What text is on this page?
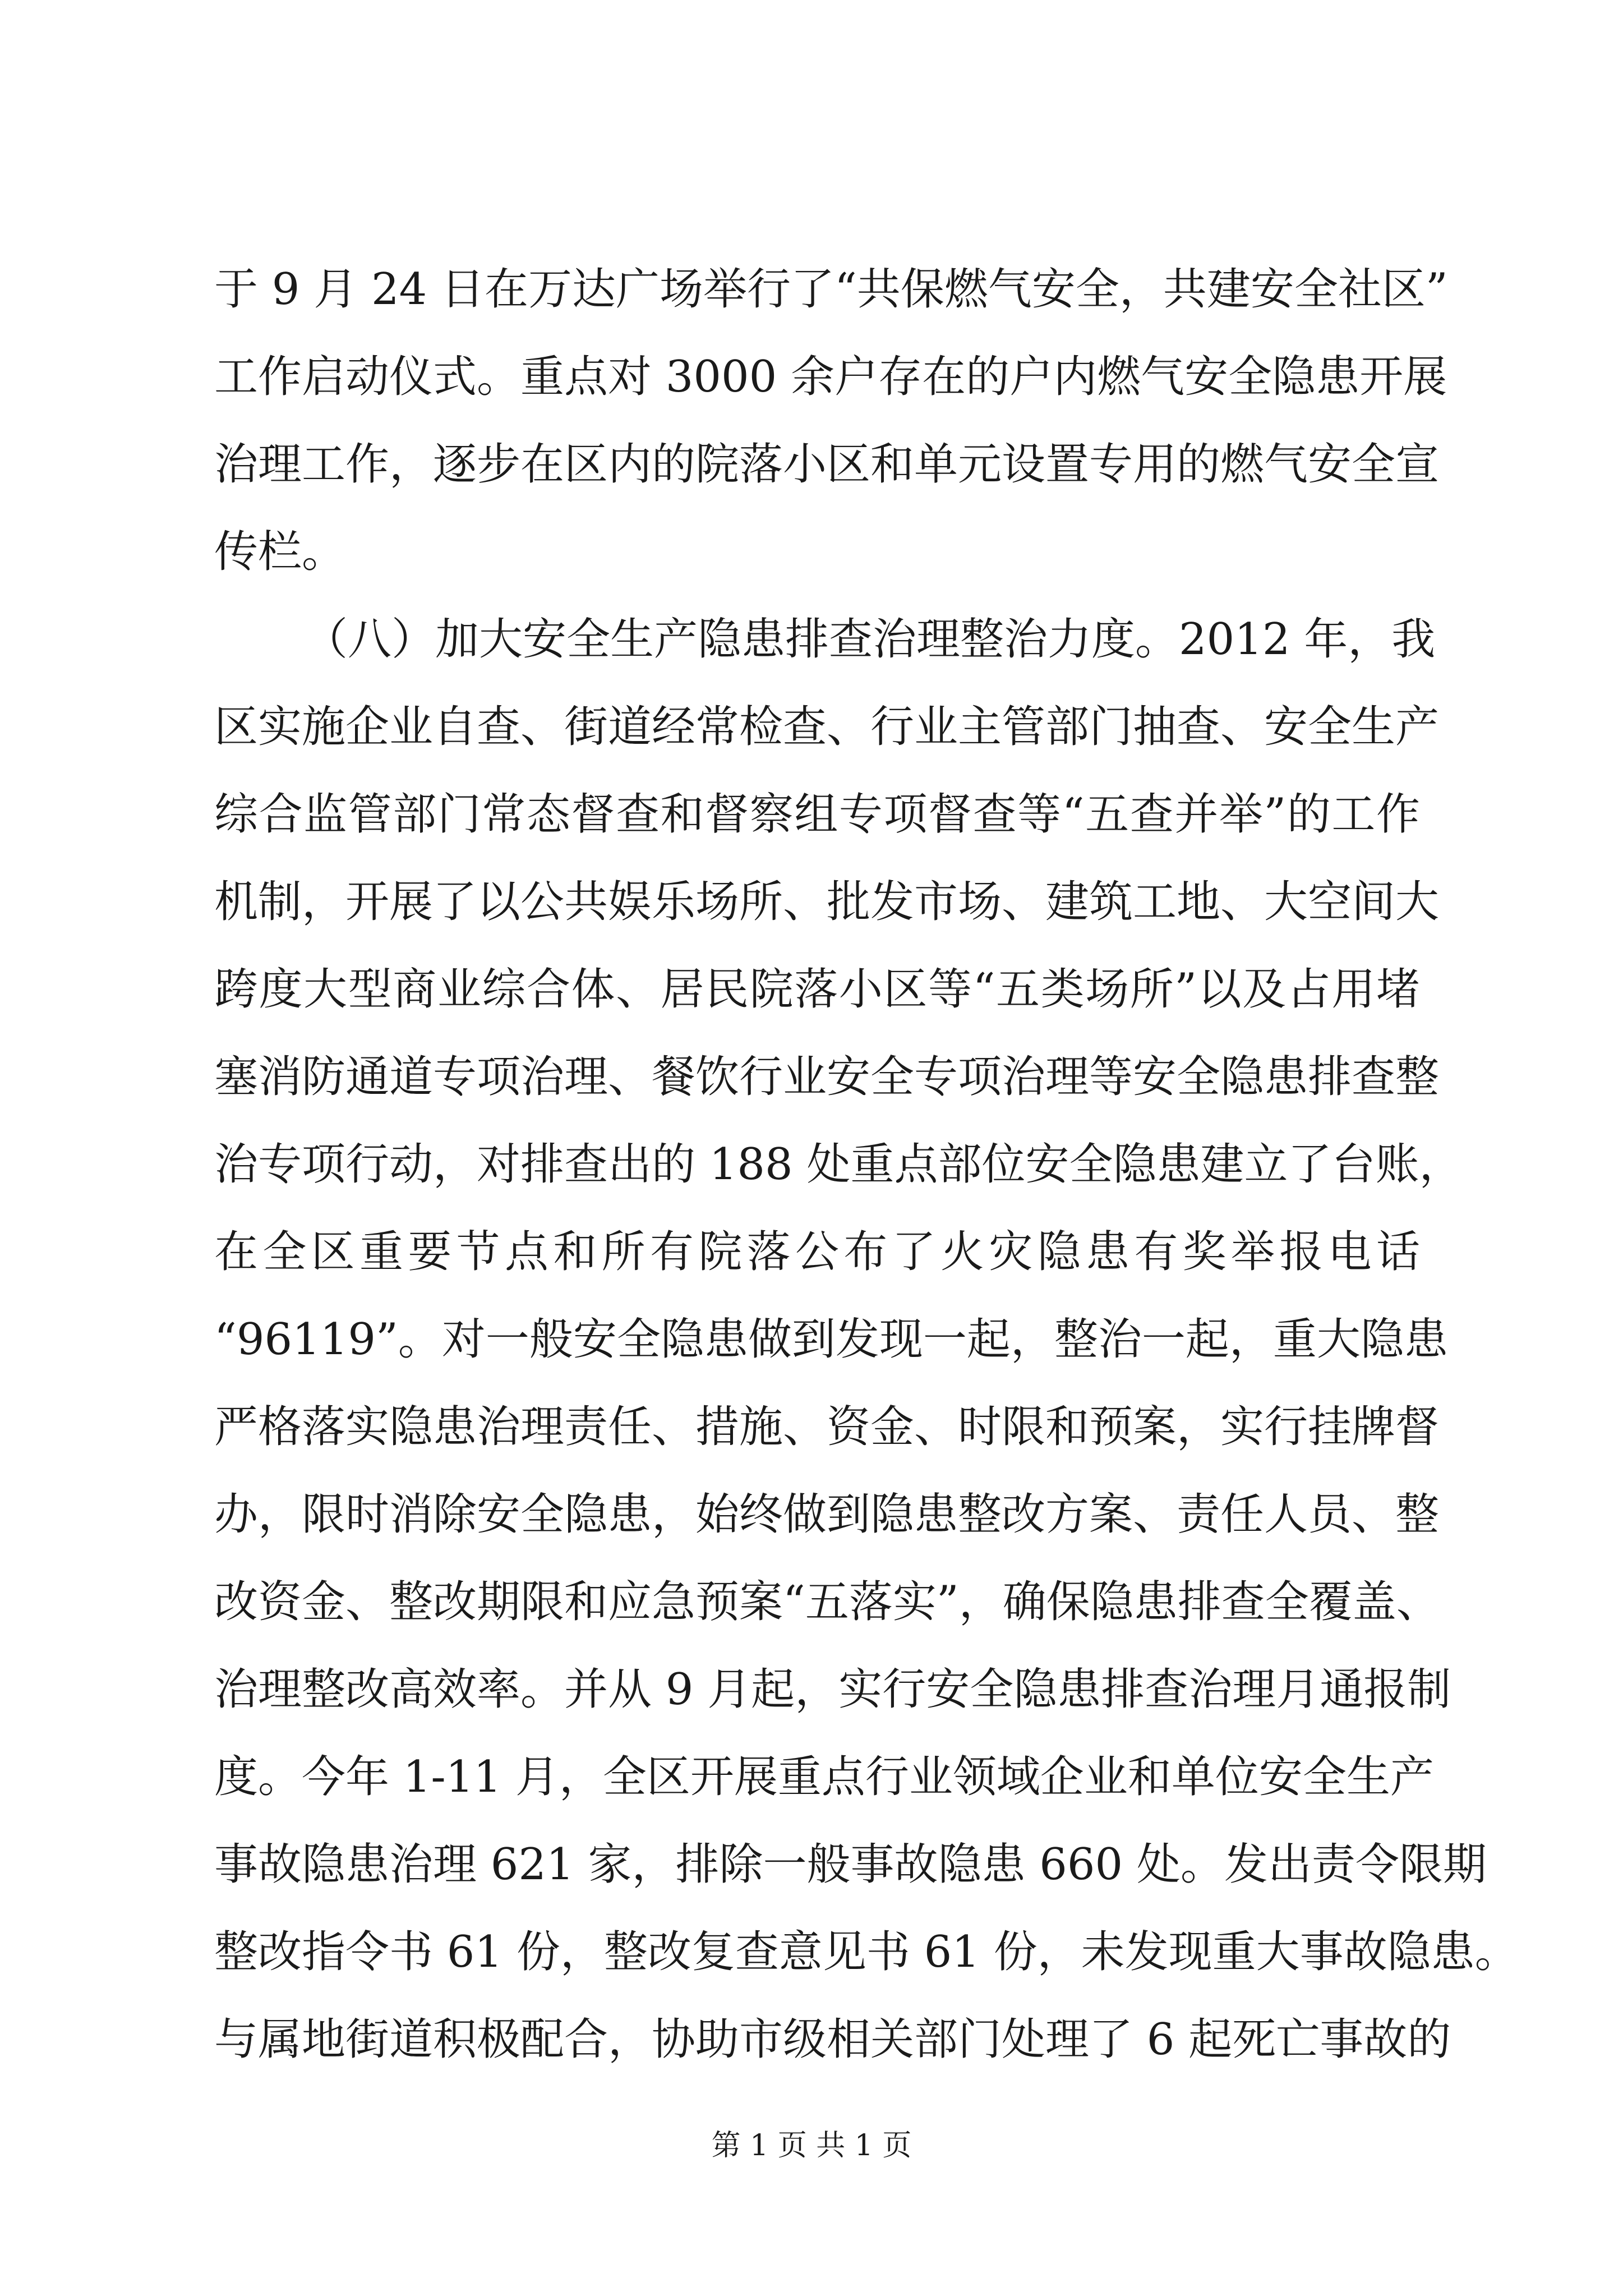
于 9 月 24 日在万达广场举行了“共保燃气安全，共建安全社区”
工作启动仪式。重点对 3000 余户存在的户内燃气安全隐患开展
治理工作，逐步在区内的院落小区和单元设置专用的燃气安全宣
传栏。
（八）加大安全生产隐患排查治理整治力度。2012 年，我
区实施企业自查、街道经常检查、行业主管部门抽查、安全生产
综合监管部门常态督查和督察组专项督查等“五查并举”的工作
机制，开展了以公共娱乐场所、批发市场、建筑工地、大空间大
跨度大型商业综合体、居民院落小区等“五类场所”以及占用堵
塞消防通道专项治理、餐饮行业安全专项治理等安全隐患排查整
治专项行动，对排查出的 188 处重点部位安全隐患建立了台账，
在全区重要节点和所有院落公布了火灾隐患有奖举报电话
“96119”。对一般安全隐患做到发现一起，整治一起，重大隐患
严格落实隐患治理责任、措施、资金、时限和预案，实行挂牌督
办，限时消除安全隐患，始终做到隐患整改方案、责任人员、整
改资金、整改期限和应急预案“五落实”，确保隐患排查全覆盖、
治理整改高效率。并从 9 月起，实行安全隐患排查治理月通报制
度。今年 1-11 月，全区开展重点行业领域企业和单位安全生产
事故隐患治理 621 家，排除一般事故隐患 660 处。发出责令限期
整改指令书 61 份，整改复查意见书 61 份，未发现重大事故隐患。
与属地街道积极配合，协助市级相关部门处理了 6 起死亡事故的
第 1 页 共 1 页
